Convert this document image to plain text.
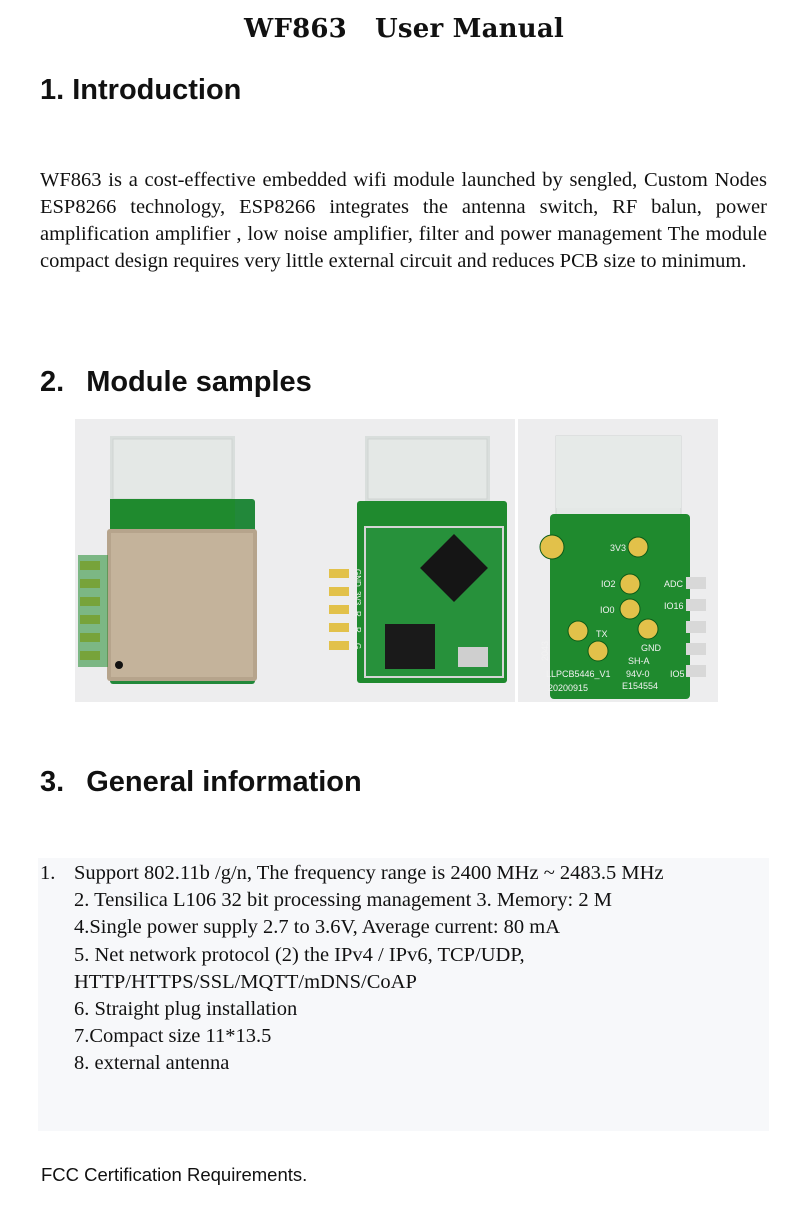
WF863 User Manual
1. Introduction
WF863 is a cost-effective embedded wifi module launched by sengled, Custom Nodes ESP8266 technology, ESP8266 integrates the antenna switch, RF balun, power amplification amplifier , low noise amplifier, filter and power management The module compact design requires very little external circuit and reduces PCB size to minimum.
2. Module samples
GND
3V3
R
R
G
3V3
IO2
IO0
TX
GND
ADC
IO16
IO5
SH-A
LLPCB5446_V1 94V-0
E154554
20200915
2043
3. General information
1. Support 802.11b /g/n, The frequency range is 2400 MHz ~ 2483.5 MHz
2. Tensilica L106 32 bit processing management 3. Memory: 2 M
4.Single power supply 2.7 to 3.6V, Average current: 80 mA
5. Net network protocol (2) the IPv4 / IPv6, TCP/UDP,
HTTP/HTTPS/SSL/MQTT/mDNS/CoAP
6. Straight plug installation
7.Compact size 11*13.5
8. external antenna
FCC Certification Requirements.
